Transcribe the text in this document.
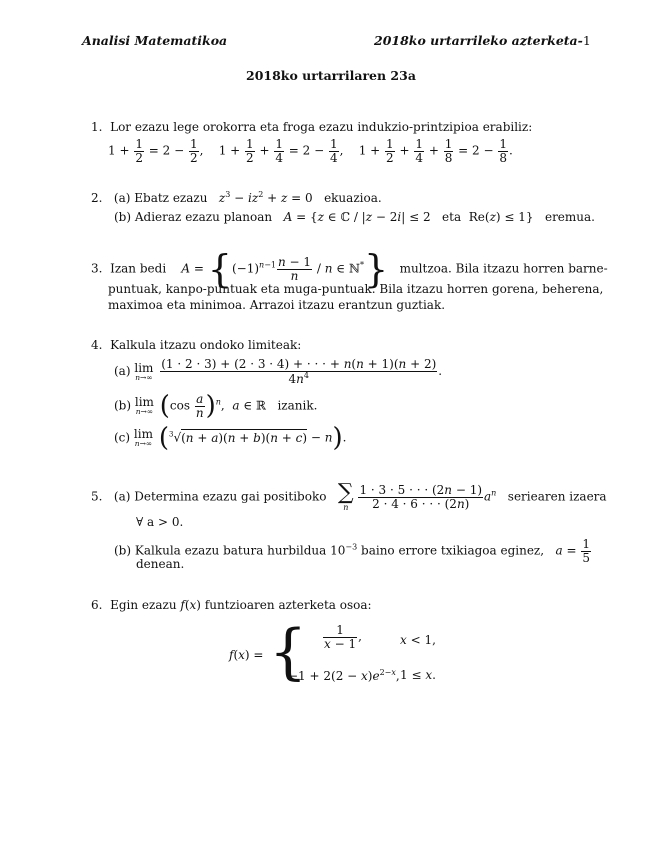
Analisi Matematikoa	2018ko urtarrileko azterketa-1
2018ko urtarrilaren 23a
1. Lor ezazu lege orokorra eta froga ezazu indukzio-printzipioa erabiliz:
$1 + \frac{1}{2} = 2 - \frac{1}{2}$ ,    $1 + \frac{1}{2} + \frac{1}{4} = 2 - \frac{1}{4}$ ,    $1 + \frac{1}{2} + \frac{1}{4} + \frac{1}{8} = 2 - \frac{1}{8}$ .
2. (a) Ebatz ezazu $z^3 - iz^2 + z = 0$   ekuazioa.
(b) Adieraz ezazu planoan A = {z ∈ ℂ / |z − 2i| ≤ 2   eta  Re(z) ≤ 1}   eremua.
3. Izan bedi $A = \{(-1)^{n-1} \frac{n - 1}{n} / n$ ∈ ℕ*} multzoa. Bila itzazu horren barne-
puntuak, kanpo-puntuak eta muga-puntuak. Bila itzazu horren gorena, beherena,
maximoa eta minimoa. Arrazoi itzazu erantzun guztiak.
4. Kalkula itzazu ondoko limiteak:
(a) lim
n→∞
$\frac{(1 \cdot 2 \cdot 3) + (2 \cdot 3 \cdot 4) + \cdot \cdot \cdot + n(n + 1)(n + 2)}{4n^4}$ .
(b) lim
n→∞ $(\cos \frac{a}{n} )^n$,  a ∈ ℝ   izanik.
(c) lim
n→∞ ($^3$√(n + a)(n + b)(n + c) − n).
5. (a) Determina ezazu gai positiboko ∑
n
$\frac{1 \cdot 3 \cdot 5 \cdot \cdot \cdot (2n - 1)}{2 \cdot 4 \cdot 6 \cdot \cdot \cdot (2n)} a^n$ seriearen izaera
∀ a > 0.
(b) Kalkula ezazu batura hurbildua $10^{-3}$ baino errore txikiagoa eginez, $a = \frac{1}{5}$
denean.
6. Egin ezazu f(x) funtzioaren azterketa osoa:
f(x) = { $\frac{1}{x - 1}$ ,	x < 1,
$-1 + 2(2 - x)e^{2-x}$, 1 ≤ x.
